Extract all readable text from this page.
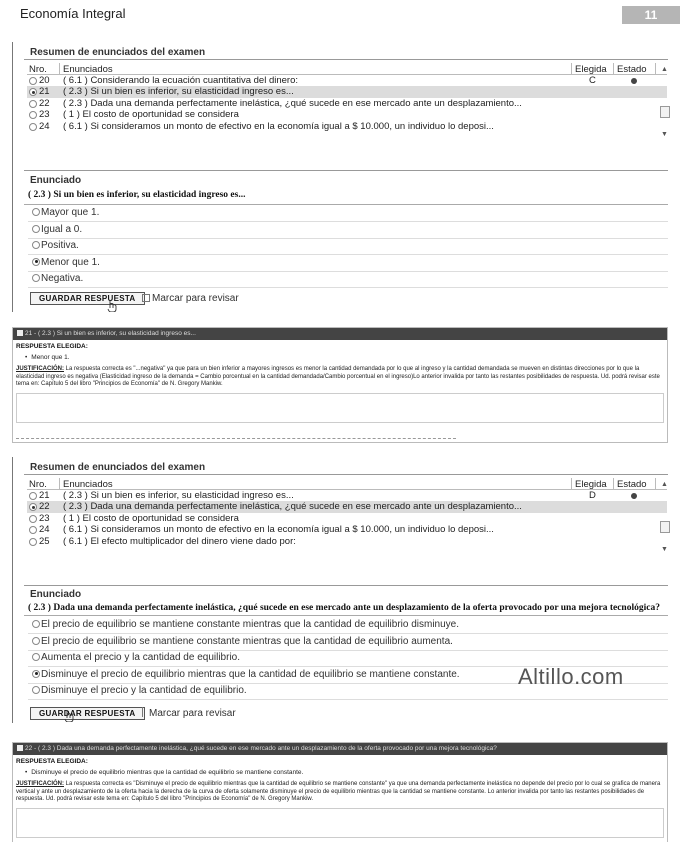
Economía Integral	11
Resumen de enunciados del examen
Nro. Enunciados	Elegida Estado
20 ( 6.1 ) Considerando la ecuación cuantitativa del dinero:	C
21 ( 2.3 ) Si un bien es inferior, su elasticidad ingreso es...
22 ( 2.3 ) Dada una demanda perfectamente inelástica, ¿qué sucede en ese mercado ante un desplazamiento...
23 ( 1 ) El costo de oportunidad se considera
24 ( 6.1 ) Si consideramos un monto de efectivo en la economía igual a $ 10.000, un individuo lo deposi...
▲
▼
Enunciado
( 2.3 ) Si un bien es inferior, su elasticidad ingreso es...
Mayor que 1.
Igual a 0.
Positiva.
Menor que 1.
Negativa.
GUARDAR RESPUESTA	Marcar para revisar
21 - ( 2.3 ) Si un bien es inferior, su elasticidad ingreso es...
RESPUESTA ELEGIDA:
• Menor que 1.
JUSTIFICACIÓN: La respuesta correcta es "...negativa" ya que para un bien inferior a mayores ingresos es menor la cantidad demandada por lo que al ingreso y la cantidad demandada se mueven en distintas direcciones por lo que la elasticidad ingreso es negativa (Elasticidad ingreso de la demanda = Cambio porcentual en la cantidad demandada/Cambio porcentual en el ingreso)Lo anterior invalida por tanto las restantes posibilidades de respuesta. Ud. podrá revisar este tema en: Capítulo 5 del libro "Principios de Economía" de N. Gregory Mankiw.
Resumen de enunciados del examen
Nro. Enunciados	Elegida Estado
21 ( 2.3 ) Si un bien es inferior, su elasticidad ingreso es...	D
22 ( 2.3 ) Dada una demanda perfectamente inelástica, ¿qué sucede en ese mercado ante un desplazamiento...
23 ( 1 ) El costo de oportunidad se considera
24 ( 6.1 ) Si consideramos un monto de efectivo en la economía igual a $ 10.000, un individuo lo deposi...
25 ( 6.1 ) El efecto multiplicador del dinero viene dado por:
▲
▼
Enunciado
( 2.3 ) Dada una demanda perfectamente inelástica, ¿qué sucede en ese mercado ante un desplazamiento de la oferta provocado por una mejora tecnológica?
El precio de equilibrio se mantiene constante mientras que la cantidad de equilibrio disminuye.
El precio de equilibrio se mantiene constante mientras que la cantidad de equilibrio aumenta.
Aumenta el precio y la cantidad de equilibrio.
Disminuye el precio de equilibrio mientras que la cantidad de equilibrio se mantiene constante.
Disminuye el precio y la cantidad de equilibrio.
GUARDAR RESPUESTA	Marcar para revisar
Altillo.com
22 - ( 2.3 ) Dada una demanda perfectamente inelástica, ¿qué sucede en ese mercado ante un desplazamiento de la oferta provocado por una mejora tecnológica?
RESPUESTA ELEGIDA:
• Disminuye el precio de equilibrio mientras que la cantidad de equilibrio se mantiene constante.
JUSTIFICACIÓN: La respuesta correcta es "Disminuye el precio de equilibrio mientras que la cantidad de equilibrio se mantiene constante" ya que una demanda perfectamente inelástica no depende del precio por lo cual se grafica de manera vertical y ante un desplazamiento de la oferta hacia la derecha de la curva de oferta solamente disminuye el precio de equilibrio mientras que la cantidad se mantiene constante. Lo anterior invalida por tanto las restantes posibilidades de respuesta. Ud. podrá revisar este tema en: Capítulo 5 del libro "Principios de Economía" de N. Gregory Mankiw.
